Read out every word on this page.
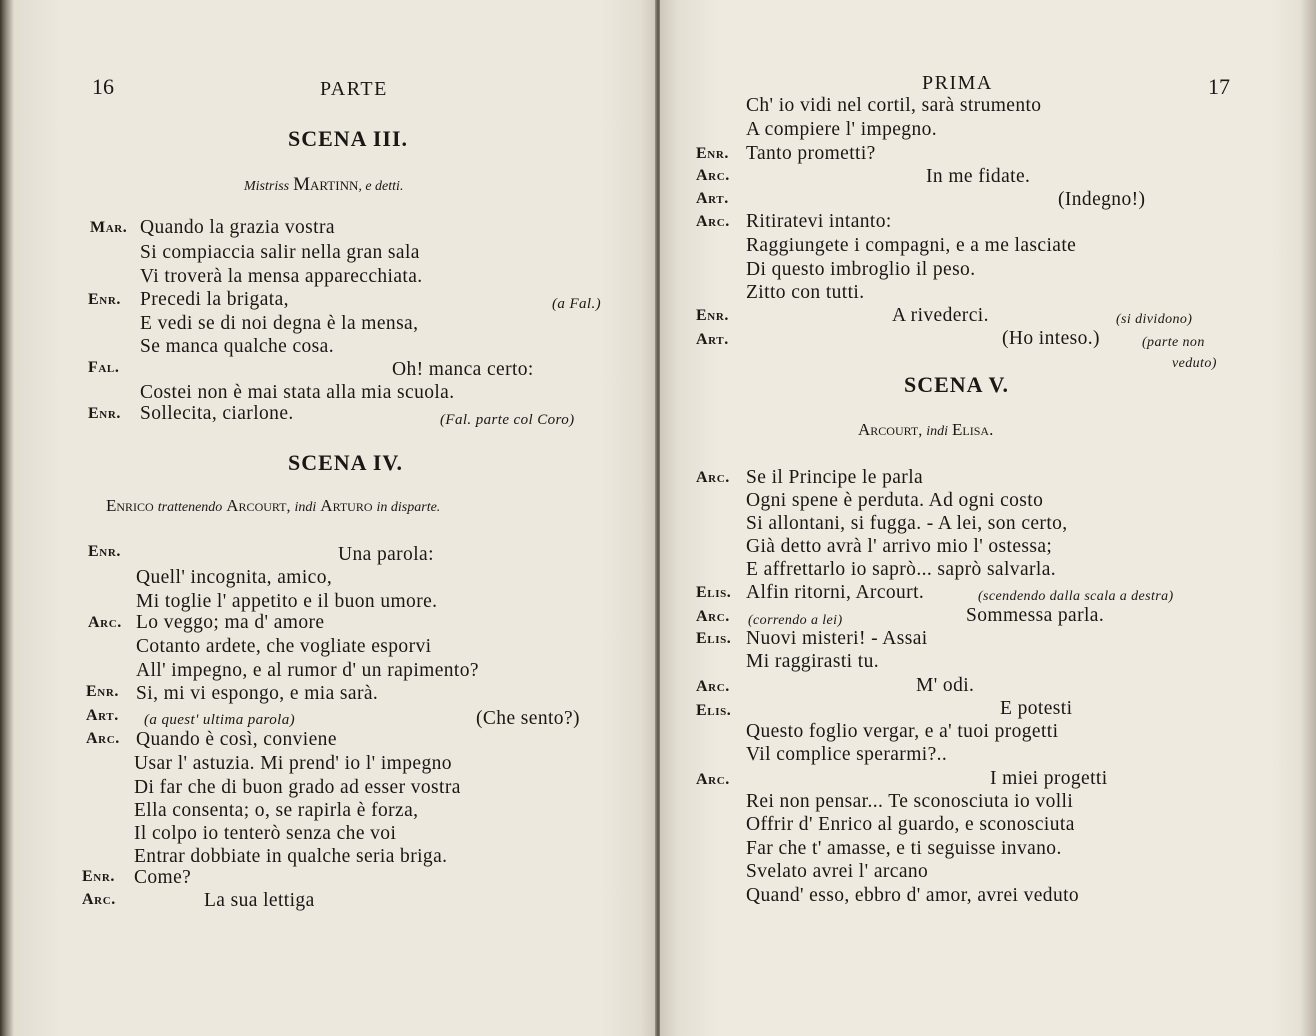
16	PARTE
SCENA III.
Mistriss Martinn, e detti.
Mar. Quando la grazia vostra
Si compiaccia salir nella gran sala
Vi troverà la mensa apparecchiata.
Enr. Precedi la brigata,	(a Fal.)
E vedi se di noi degna è la mensa,
Se manca qualche cosa.
Fal.	Oh! manca certo:
Costei non è mai stata alla mia scuola.
Enr. Sollecita, ciarlone.	(Fal. parte col Coro)
SCENA IV.
Enrico trattenendo Arcourt, indi Arturo in disparte.
Enr.	Una parola:
Quell' incognita, amico,
Mi toglie l' appetito e il buon umore.
Arc. Lo veggo; ma d' amore
Cotanto ardete, che vogliate esporvi
All' impegno, e al rumor d' un rapimento?
Enr. Si, mi vi espongo, e mia sarà.
Art. (a quest' ultima parola)	(Che sento?)
Arc. Quando è così, conviene
Usar l' astuzia. Mi prend' io l' impegno
Di far che di buon grado ad esser vostra
Ella consenta; o, se rapirla è forza,
Il colpo io tenterò senza che voi
Entrar dobbiate in qualche seria briga.
Enr. Come?
Arc.	La sua lettiga
PRIMA	17
Ch' io vidi nel cortil, sarà strumento
A compiere l' impegno.
Enr. Tanto prometti?
Arc.	In me fidate.
Art.	(Indegno!)
Arc. Ritiratevi intanto:
Raggiungete i compagni, e a me lasciate
Di questo imbroglio il peso.
Zitto con tutti.
Enr.	A rivederci.	(si dividono)
Art.	(Ho inteso.)	(parte non
veduto)
SCENA V.
Arcourt, indi Elisa.
Arc. Se il Principe le parla
Ogni spene è perduta. Ad ogni costo
Si allontani, si fugga. - A lei, son certo,
Già detto avrà l' arrivo mio l' ostessa;
E affrettarlo io saprò... saprò salvarla.
Elis. Alfin ritorni, Arcourt.	(scendendo dalla scala a destra)
Arc. (correndo a lei)	Sommessa parla.
Elis. Nuovi misteri! - Assai
Mi raggirasti tu.
Arc.	M' odi.
Elis.	E potesti
Questo foglio vergar, e a' tuoi progetti
Vil complice sperarmi?..
Arc.	I miei progetti
Rei non pensar... Te sconosciuta io volli
Offrir d' Enrico al guardo, e sconosciuta
Far che t' amasse, e ti seguisse invano.
Svelato avrei l' arcano
Quand' esso, ebbro d' amor, avrei veduto
